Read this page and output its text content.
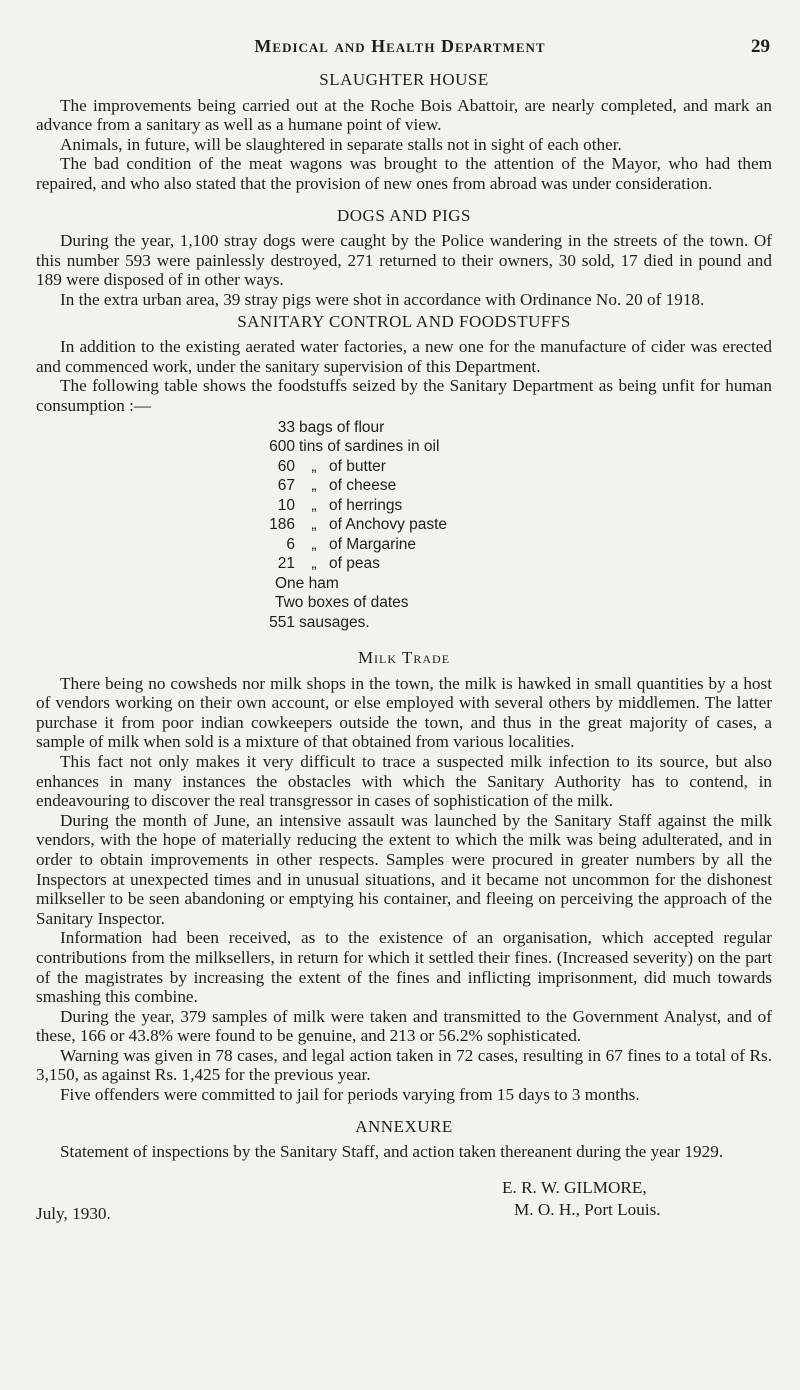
Medical and Health Department	29
SLAUGHTER HOUSE

The improvements being carried out at the Roche Bois Abattoir, are nearly completed, and mark an advance from a sanitary as well as a humane point of view.

Animals, in future, will be slaughtered in separate stalls not in sight of each other.

The bad condition of the meat wagons was brought to the attention of the Mayor, who had them repaired, and who also stated that the provision of new ones from abroad was under consideration.

DOGS AND PIGS

During the year, 1,100 stray dogs were caught by the Police wandering in the streets of the town. Of this number 593 were painlessly destroyed, 271 returned to their owners, 30 sold, 17 died in pound and 189 were disposed of in other ways.

In the extra urban area, 39 stray pigs were shot in accordance with Ordinance No. 20 of 1918.

SANITARY CONTROL AND FOODSTUFFS

In addition to the existing aerated water factories, a new one for the manufacture of cider was erected and commenced work, under the sanitary supervision of this Department.

The following table shows the foodstuffs seized by the Sanitary Department as being unfit for human consumption :—

33 bags of flour
600 tins of sardines in oil
60	„ of butter
67	„ of cheese
10	„ of herrings
186	„ of Anchovy paste
6	„ of Margarine
21	„ of peas
One ham
Two boxes of dates
551 sausages.
Milk Trade

There being no cowsheds nor milk shops in the town, the milk is hawked in small quantities by a host of vendors working on their own account, or else employed with several others by middlemen. The latter purchase it from poor indian cowkeepers outside the town, and thus in the great majority of cases, a sample of milk when sold is a mixture of that obtained from various localities.

This fact not only makes it very difficult to trace a suspected milk infection to its source, but also enhances in many instances the obstacles with which the Sanitary Authority has to contend, in endeavouring to discover the real transgressor in cases of sophistication of the milk.

During the month of June, an intensive assault was launched by the Sanitary Staff against the milk vendors, with the hope of materially reducing the extent to which the milk was being adulterated, and in order to obtain improvements in other respects. Samples were procured in greater numbers by all the Inspectors at unexpected times and in unusual situations, and it became not uncommon for the dishonest milkseller to be seen abandoning or emptying his container, and fleeing on perceiving the approach of the Sanitary Inspector.

Information had been received, as to the existence of an organisation, which accepted regular contributions from the milksellers, in return for which it settled their fines. (Increased severity) on the part of the magistrates by increasing the extent of the fines and inflicting imprisonment, did much towards smashing this combine.

During the year, 379 samples of milk were taken and transmitted to the Government Analyst, and of these, 166 or 43.8% were found to be genuine, and 213 or 56.2% sophisticated.

Warning was given in 78 cases, and legal action taken in 72 cases, resulting in 67 fines to a total of Rs. 3,150, as against Rs. 1,425 for the previous year.

Five offenders were committed to jail for periods varying from 15 days to 3 months.

ANNEXURE

Statement of inspections by the Sanitary Staff, and action taken thereanent during the year 1929.

July, 1930.
E. R. W. GILMORE,
M. O. H., Port Louis.
